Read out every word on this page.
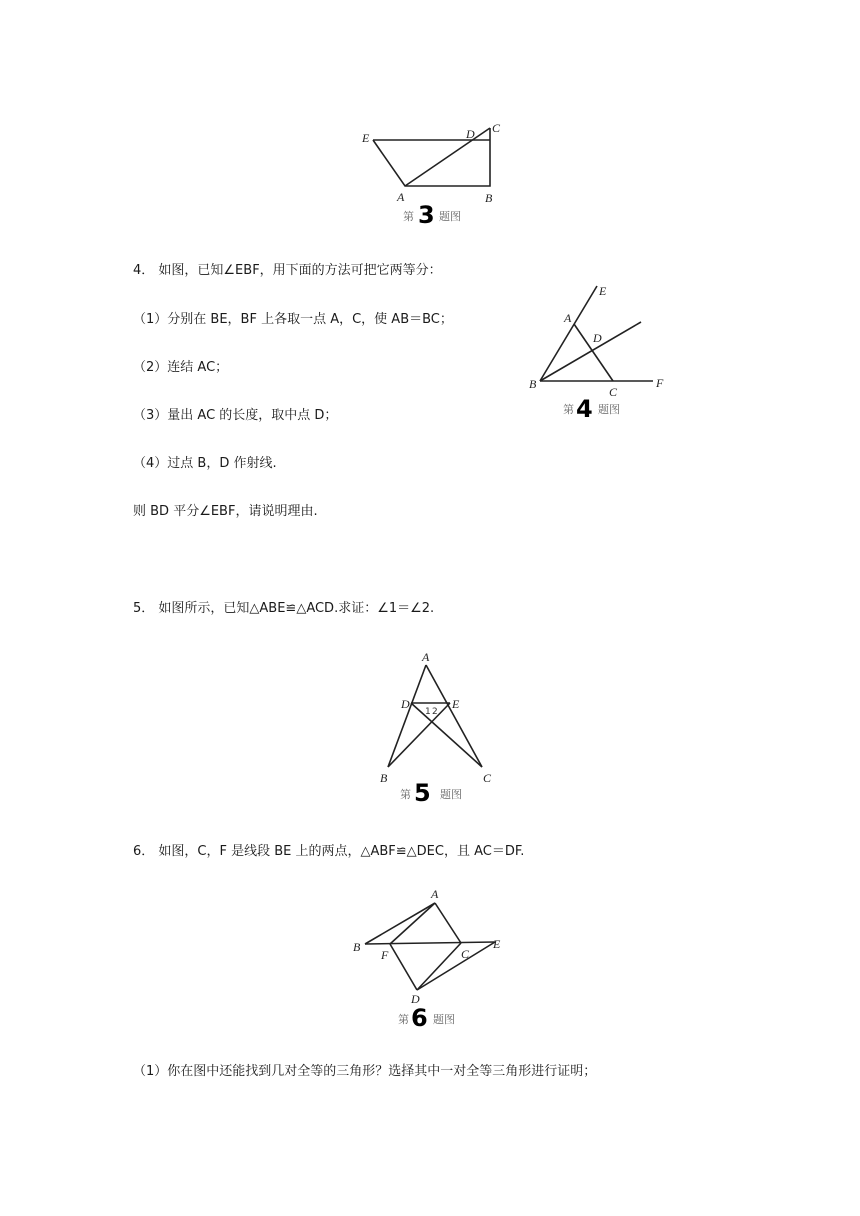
E	D C
A	B
第 3 题图
4． 如图，已知∠EBF，用下面的方法可把它两等分：
（1）分别在 BE，BF 上各取一点 A，C，使 AB＝BC；
（2）连结 AC；
（3）量出 AC 的长度，取中点 D；
（4）过点 B，D 作射线.
则 BD 平分∠EBF，请说明理由.
E
A
D
B
C
F
第 4 题图
5． 如图所示，已知△ABE≌△ACD.求证：∠1＝∠2.
A
D	E
1 2
B	C
第 5 题图
6． 如图，C，F 是线段 BE 上的两点，△ABF≌△DEC，且 AC＝DF.
A
B
F	C
E
D
第 6 题图
（1）你在图中还能找到几对全等的三角形？选择其中一对全等三角形进行证明；
